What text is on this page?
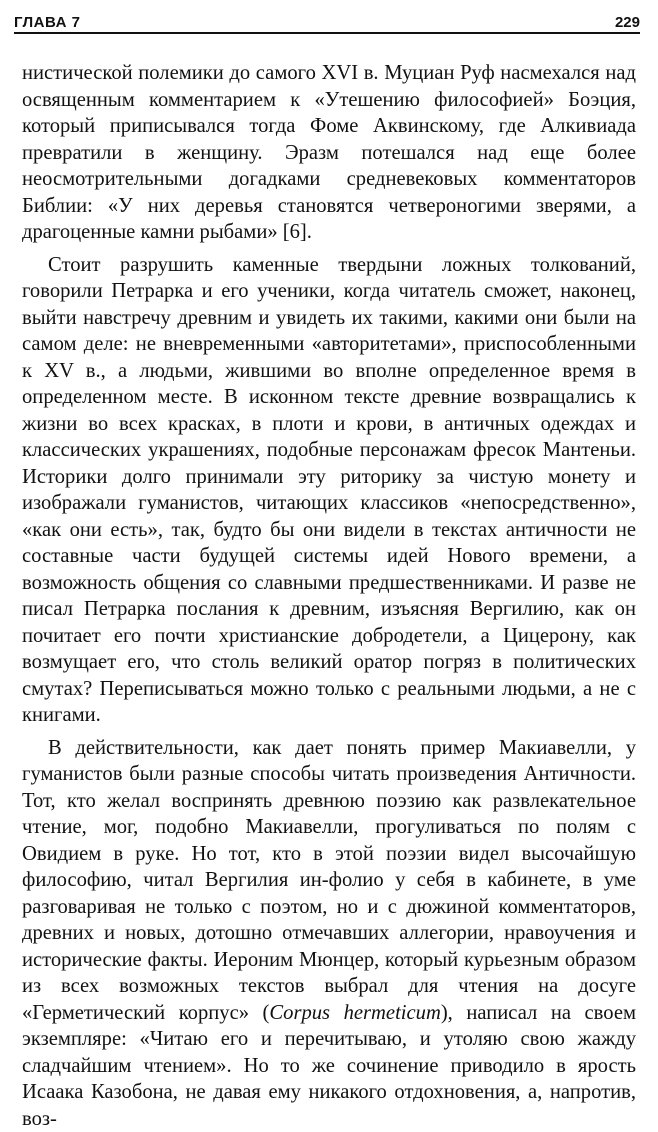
ГЛАВА 7	229

нистической полемики до самого XVI в. Муциан Руф насмехался над освященным комментарием к «Утешению философией» Боэция, который приписывался тогда Фоме Аквинскому, где Алкивиада превратили в женщину. Эразм потешался над еще более неосмотрительными догадками средневековых комментаторов Библии: «У них деревья становятся четвероногими зверями, а драгоценные камни рыбами» [6].

Стоит разрушить каменные твердыни ложных толкований, говорили Петрарка и его ученики, когда читатель сможет, наконец, выйти навстречу древним и увидеть их такими, какими они были на самом деле: не вневременными «авторитетами», приспособленными к XV в., а людьми, жившими во вполне определенное время в определенном месте. В исконном тексте древние возвращались к жизни во всех красках, в плоти и крови, в античных одеждах и классических украшениях, подобные персонажам фресок Мантеньи. Историки долго принимали эту риторику за чистую монету и изображали гуманистов, читающих классиков «непосредственно», «как они есть», так, будто бы они видели в текстах античности не составные части будущей системы идей Нового времени, а возможность общения со славными предшественниками. И разве не писал Петрарка послания к древним, изъясняя Вергилию, как он почитает его почти христианские добродетели, а Цицерону, как возмущает его, что столь великий оратор погряз в политических смутах? Переписываться можно только с реальными людьми, а не с книгами.

В действительности, как дает понять пример Макиавелли, у гуманистов были разные способы читать произведения Античности. Тот, кто желал воспринять древнюю поэзию как развлекательное чтение, мог, подобно Макиавелли, прогуливаться по полям с Овидием в руке. Но тот, кто в этой поэзии видел высочайшую философию, читал Вергилия ин-фолио у себя в кабинете, в уме разговаривая не только с поэтом, но и с дюжиной комментаторов, древних и новых, дотошно отмечавших аллегории, нравоучения и исторические факты. Иероним Мюнцер, который курьезным образом из всех возможных текстов выбрал для чтения на досуге «Герметический корпус» (Corpus hermeticum), написал на своем экземпляре: «Читаю его и перечитываю, и утоляю свою жажду сладчайшим чтением». Но то же сочинение приводило в ярость Исаака Казобона, не давая ему никакого отдохновения, а, напротив, воз-
